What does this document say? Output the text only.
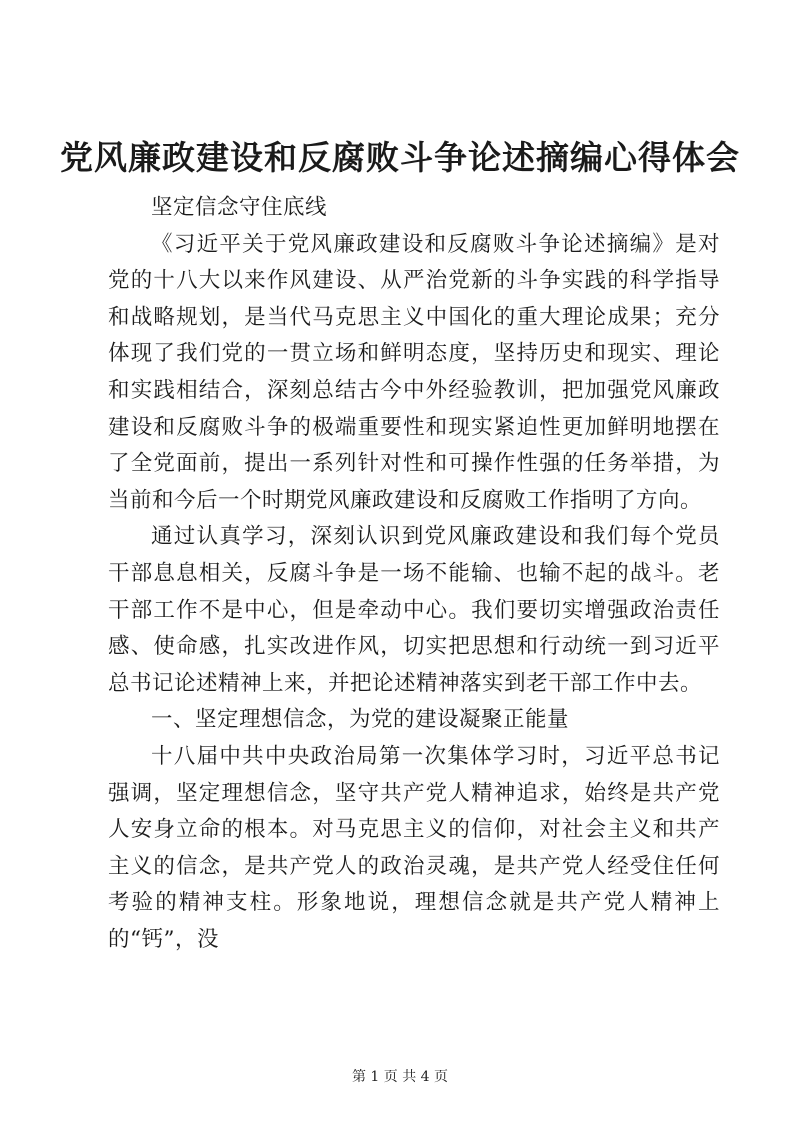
党风廉政建设和反腐败斗争论述摘编心得体会

坚定信念守住底线

《习近平关于党风廉政建设和反腐败斗争论述摘编》是对党的十八大以来作风建设、从严治党新的斗争实践的科学指导和战略规划，是当代马克思主义中国化的重大理论成果；充分体现了我们党的一贯立场和鲜明态度，坚持历史和现实、理论和实践相结合，深刻总结古今中外经验教训，把加强党风廉政建设和反腐败斗争的极端重要性和现实紧迫性更加鲜明地摆在了全党面前，提出一系列针对性和可操作性强的任务举措，为当前和今后一个时期党风廉政建设和反腐败工作指明了方向。

通过认真学习，深刻认识到党风廉政建设和我们每个党员干部息息相关，反腐斗争是一场不能输、也输不起的战斗。老干部工作不是中心，但是牵动中心。我们要切实增强政治责任感、使命感，扎实改进作风，切实把思想和行动统一到习近平总书记论述精神上来，并把论述精神落实到老干部工作中去。

一、坚定理想信念，为党的建设凝聚正能量

十八届中共中央政治局第一次集体学习时，习近平总书记强调，坚定理想信念，坚守共产党人精神追求，始终是共产党人安身立命的根本。对马克思主义的信仰，对社会主义和共产主义的信念，是共产党人的政治灵魂，是共产党人经受住任何考验的精神支柱。形象地说，理想信念就是共产党人精神上的“钙”，没

第 1 页 共 4 页
